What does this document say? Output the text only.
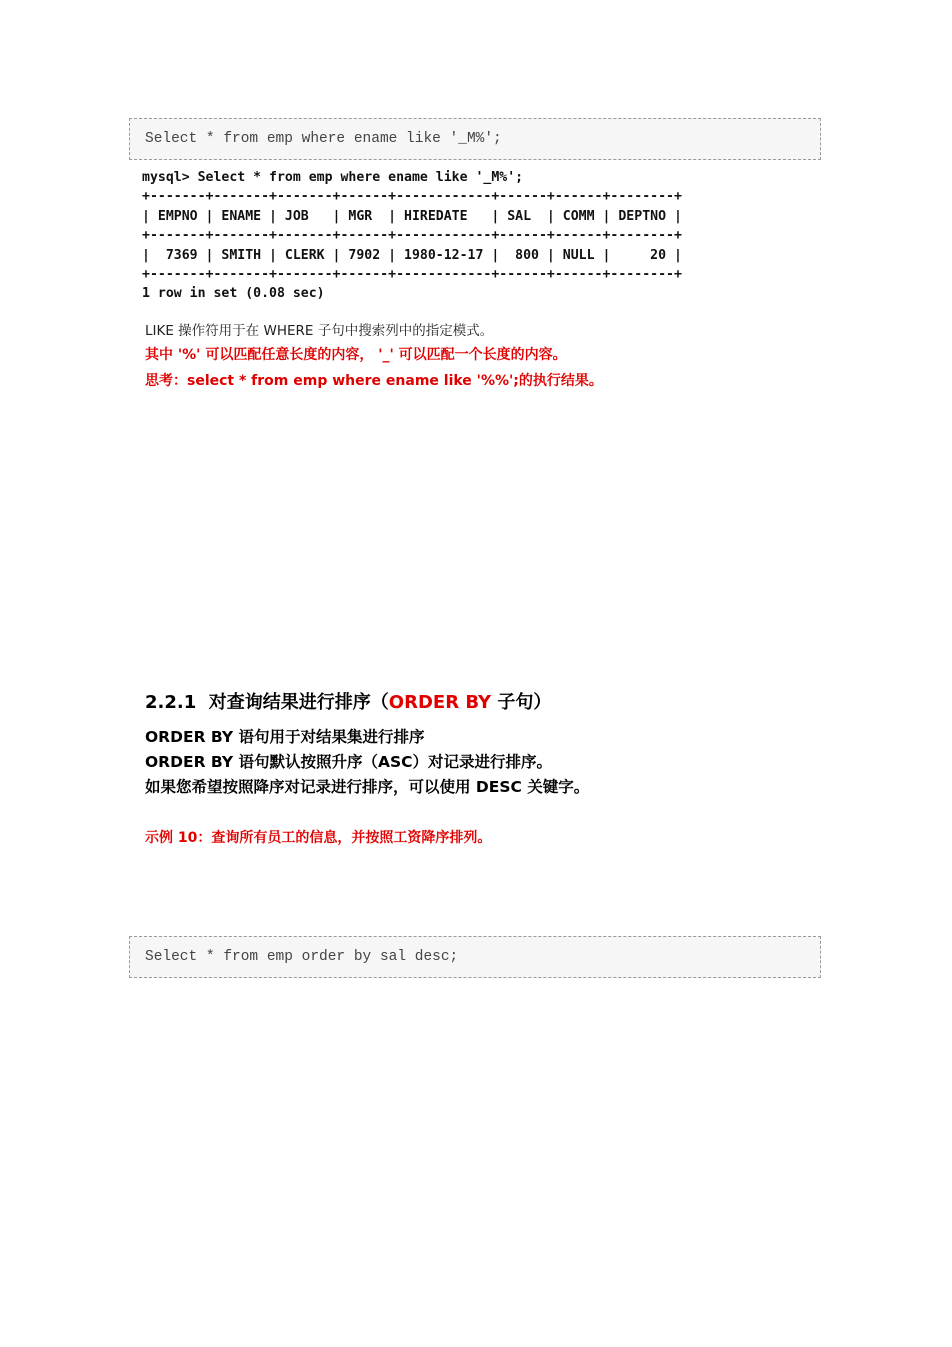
Select * from emp where ename like '_M%';
mysql> Select * from emp where ename like '_M%';
+-------+-------+-------+------+------------+------+------+--------+
| EMPNO | ENAME | JOB   | MGR  | HIREDATE   | SAL  | COMM | DEPTNO |
+-------+-------+-------+------+------------+------+------+--------+
|  7369 | SMITH | CLERK | 7902 | 1980-12-17 |  800 | NULL |     20 |
+-------+-------+-------+------+------------+------+------+--------+
1 row in set (0.08 sec)
LIKE 操作符用于在 WHERE 子句中搜索列中的指定模式。
其中 '%' 可以匹配任意长度的内容， '_' 可以匹配一个长度的内容。
思考：select * from emp where ename like '%%';的执行结果。
2.2.1 对查询结果进行排序（ORDER BY 子句）
ORDER BY 语句用于对结果集进行排序
ORDER BY 语句默认按照升序（ASC）对记录进行排序。
如果您希望按照降序对记录进行排序，可以使用 DESC 关键字。
示例 10：查询所有员工的信息，并按照工资降序排列。
Select * from emp order by sal desc;
